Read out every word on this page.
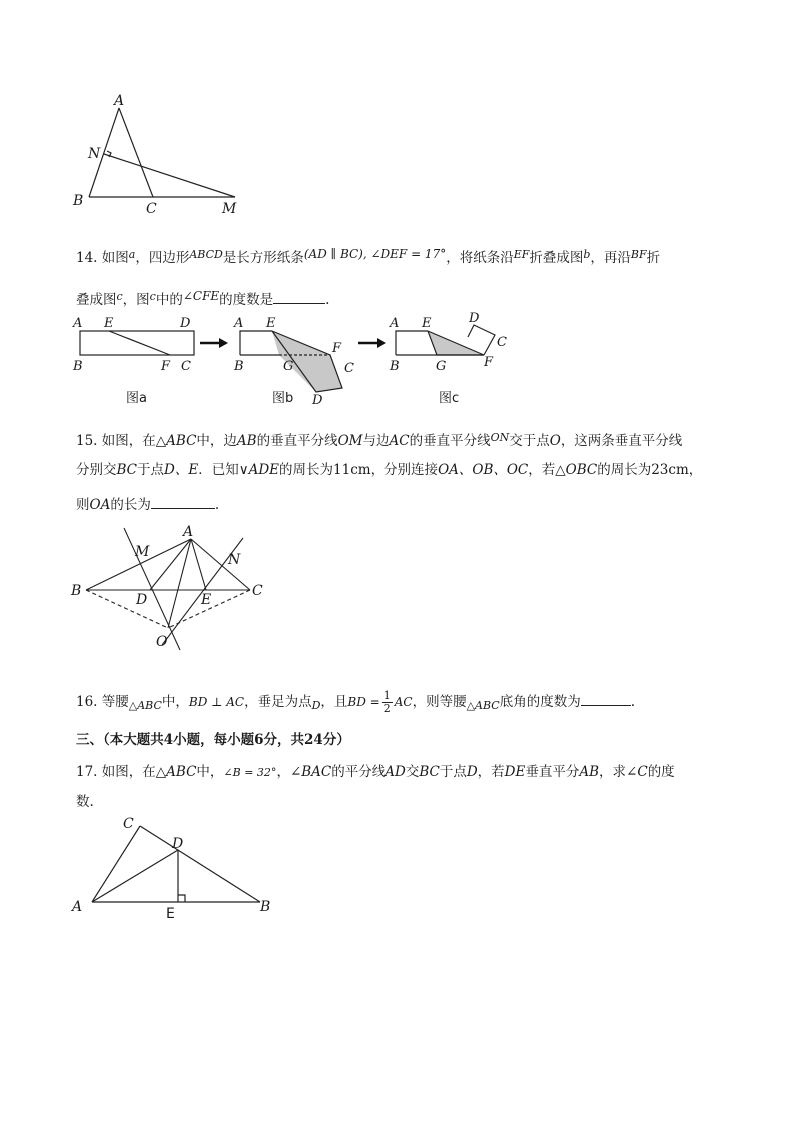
A
N
B	C	M
14. 如图$^a$，四边形$^{ABCD}$是长方形纸条(AD ∥ BC), ∠DEF = 17°，将纸条沿$^{EF}$折叠成图$^b$，再沿$^{BF}$折
叠成图$^c$，图$^c$中的∠CFE的度数是	.
A E	D
B	F C
图a
A E
F
B	G	C
D
图b
A E	D
C
B	G	F
图c
15. 如图，在△ABC中，边AB的垂直平分线OM与边AC的垂直平分线$^{ON}$交于点O，这两条垂直平分线
分别交BC于点D、E．已知∨ADE的周长为11cm，分别连接OA、OB、OC，若△OBC的周长为23cm，
则OA的长为	.
A
M	N
B
D	E
C
O
16. 等腰$_{\triangle ABC}$中，BD ⊥ AC，垂足为点$_D$，且BD = $\frac{1}{2}$ AC，则等腰$_{\triangle ABC}$底角的度数为	.
三、（本大题共4小题，每小题6分，共24分）
17. 如图，在△ABC中，∠B = 32°，∠BAC的平分线AD交BC于点D，若DE垂直平分AB，求∠C的度
数.
C
D
A	E	B
